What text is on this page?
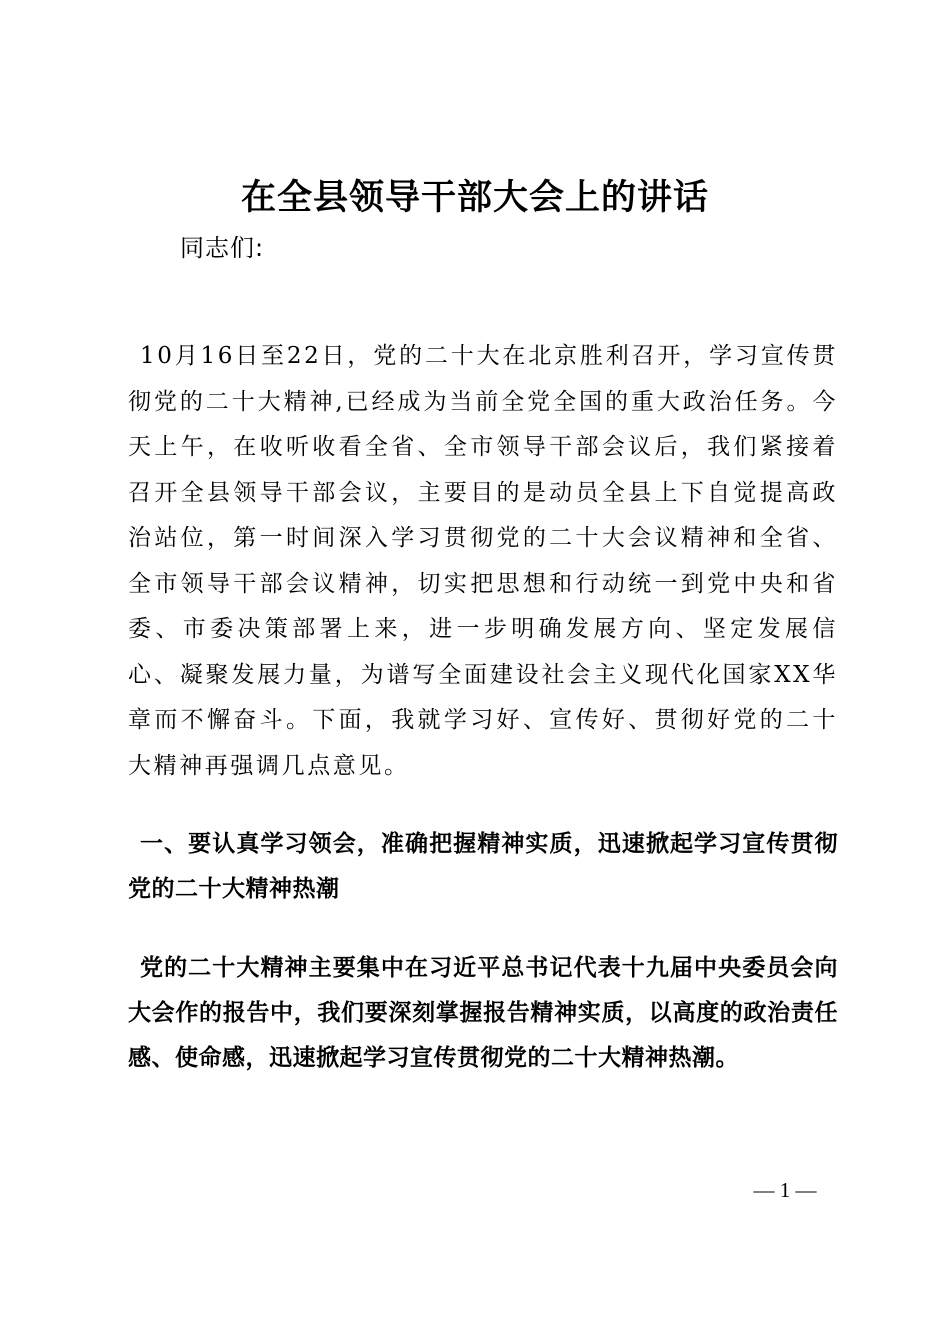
在全县领导干部大会上的讲话
同志们:

10月16日至22日，党的二十大在北京胜利召开，学习宣传贯彻党的二十大精神,已经成为当前全党全国的重大政治任务。今天上午，在收听收看全省、全市领导干部会议后，我们紧接着召开全县领导干部会议，主要目的是动员全县上下自觉提高政治站位，第一时间深入学习贯彻党的二十大会议精神和全省、全市领导干部会议精神，切实把思想和行动统一到党中央和省委、市委决策部署上来，进一步明确发展方向、坚定发展信心、凝聚发展力量，为谱写全面建设社会主义现代化国家XX华章而不懈奋斗。下面，我就学习好、宣传好、贯彻好党的二十大精神再强调几点意见。

一、要认真学习领会，准确把握精神实质，迅速掀起学习宣传贯彻党的二十大精神热潮

党的二十大精神主要集中在习近平总书记代表十九届中央委员会向大会作的报告中，我们要深刻掌握报告精神实质，以高度的政治责任感、使命感，迅速掀起学习宣传贯彻党的二十大精神热潮。

— 1 —
